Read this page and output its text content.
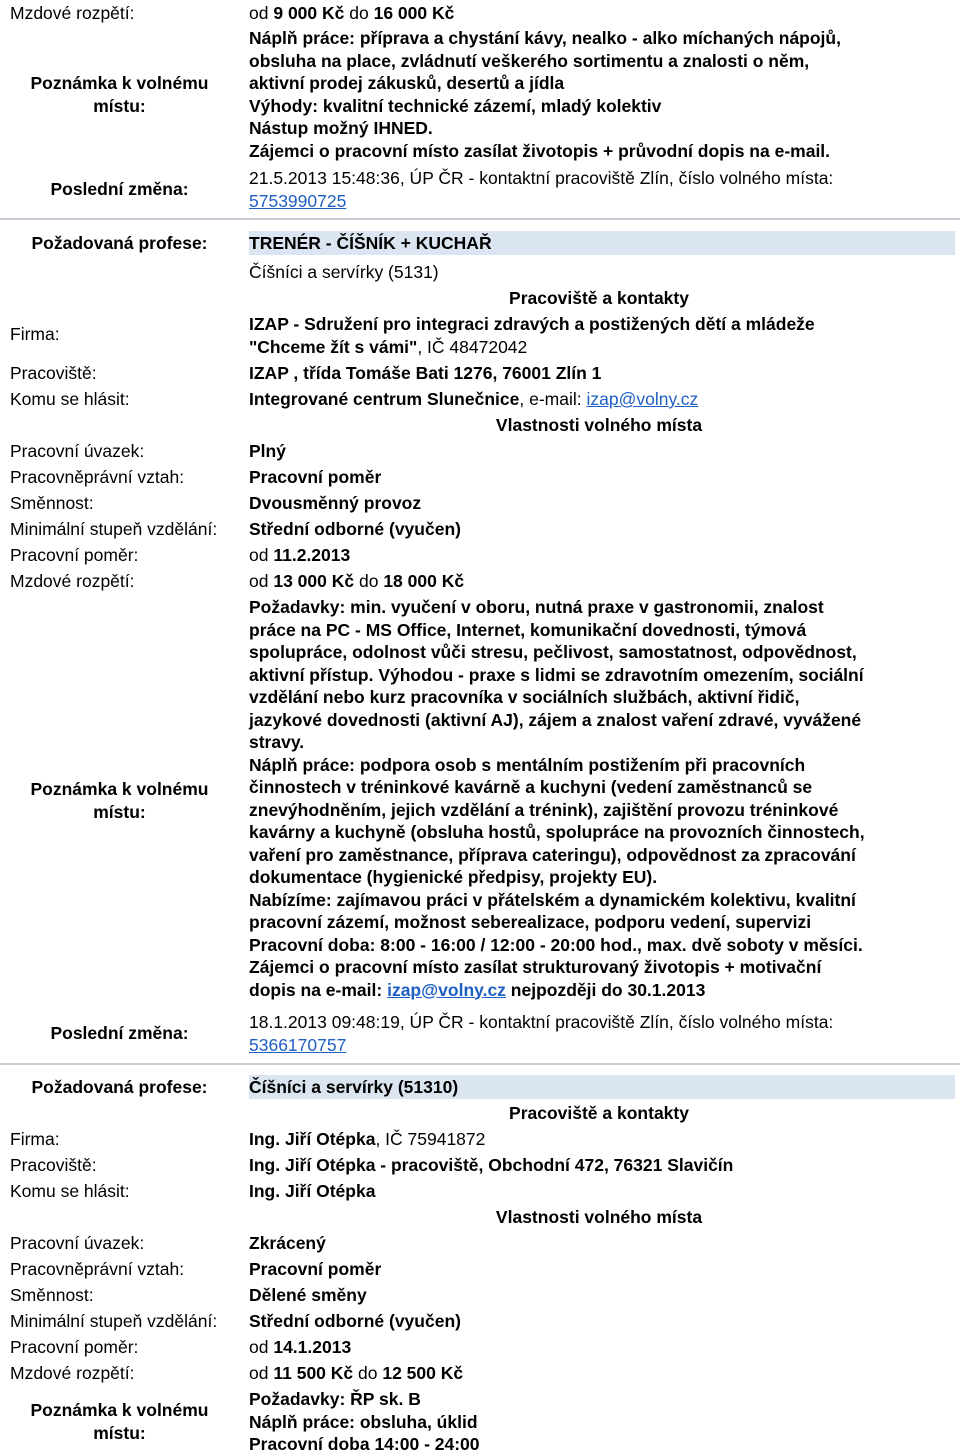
Mzdové rozpětí:	od 9 000 Kč do 16 000 Kč
Poznámka k volnému
místu:
Náplň práce: příprava a chystání kávy, nealko - alko míchaných nápojů,
obsluha na place, zvládnutí veškerého sortimentu a znalosti o něm,
aktivní prodej zákusků, desertů a jídla
Výhody: kvalitní technické zázemí, mladý kolektiv
Nástup možný IHNED.
Zájemci o pracovní místo zasílat životopis + průvodní dopis na e-mail.
Poslední změna:
21.5.2013 15:48:36, ÚP ČR - kontaktní pracoviště Zlín, číslo volného místa:
5753990725
Požadovaná profese:	TRENÉR - ČÍŠNÍK + KUCHAŘ
Číšníci a servírky (5131)
Pracoviště a kontakty
Firma:	IZAP - Sdružení pro integraci zdravých a postižených dětí a mládeže
"Chceme žít s vámi", IČ 48472042
Pracoviště:	IZAP , třída Tomáše Bati 1276, 76001 Zlín 1
Komu se hlásit:	Integrované centrum Slunečnice, e-mail: izap@volny.cz
Vlastnosti volného místa
Pracovní úvazek:	Plný
Pracovněprávní vztah:	Pracovní poměr
Směnnost:	Dvousměnný provoz
Minimální stupeň vzdělání: Střední odborné (vyučen)
Pracovní poměr:	od 11.2.2013
Mzdové rozpětí:	od 13 000 Kč do 18 000 Kč
Poznámka k volnému
místu:
Požadavky: min. vyučení v oboru, nutná praxe v gastronomii, znalost
práce na PC - MS Office, Internet, komunikační dovednosti, týmová
spolupráce, odolnost vůči stresu, pečlivost, samostatnost, odpovědnost,
aktivní přístup. Výhodou - praxe s lidmi se zdravotním omezením, sociální
vzdělání nebo kurz pracovníka v sociálních službách, aktivní řidič,
jazykové dovednosti (aktivní AJ), zájem a znalost vaření zdravé, vyvážené
stravy.
Náplň práce: podpora osob s mentálním postižením při pracovních
činnostech v tréninkové kavárně a kuchyni (vedení zaměstnanců se
znevýhodněním, jejich vzdělání a trénink), zajištění provozu tréninkové
kavárny a kuchyně (obsluha hostů, spolupráce na provozních činnostech,
vaření pro zaměstnance, příprava cateringu), odpovědnost za zpracování
dokumentace (hygienické předpisy, projekty EU).
Nabízíme: zajímavou práci v přátelském a dynamickém kolektivu, kvalitní
pracovní zázemí, možnost seberealizace, podporu vedení, supervizi
Pracovní doba: 8:00 - 16:00 / 12:00 - 20:00 hod., max. dvě soboty v měsíci.
Zájemci o pracovní místo zasílat strukturovaný životopis + motivační
dopis na e-mail: izap@volny.cz nejpozději do 30.1.2013
Poslední změna:
18.1.2013 09:48:19, ÚP ČR - kontaktní pracoviště Zlín, číslo volného místa:
5366170757
Požadovaná profese:	Číšníci a servírky (51310)
Pracoviště a kontakty
Firma:	Ing. Jiří Otépka, IČ 75941872
Pracoviště:	Ing. Jiří Otépka - pracoviště, Obchodní 472, 76321 Slavičín
Komu se hlásit:	Ing. Jiří Otépka
Vlastnosti volného místa
Pracovní úvazek:	Zkrácený
Pracovněprávní vztah:	Pracovní poměr
Směnnost:	Dělené směny
Minimální stupeň vzdělání: Střední odborné (vyučen)
Pracovní poměr:	od 14.1.2013
Mzdové rozpětí:	od 11 500 Kč do 12 500 Kč
Poznámka k volnému
místu:
Požadavky: ŘP sk. B
Náplň práce: obsluha, úklid
Pracovní doba 14:00 - 24:00
